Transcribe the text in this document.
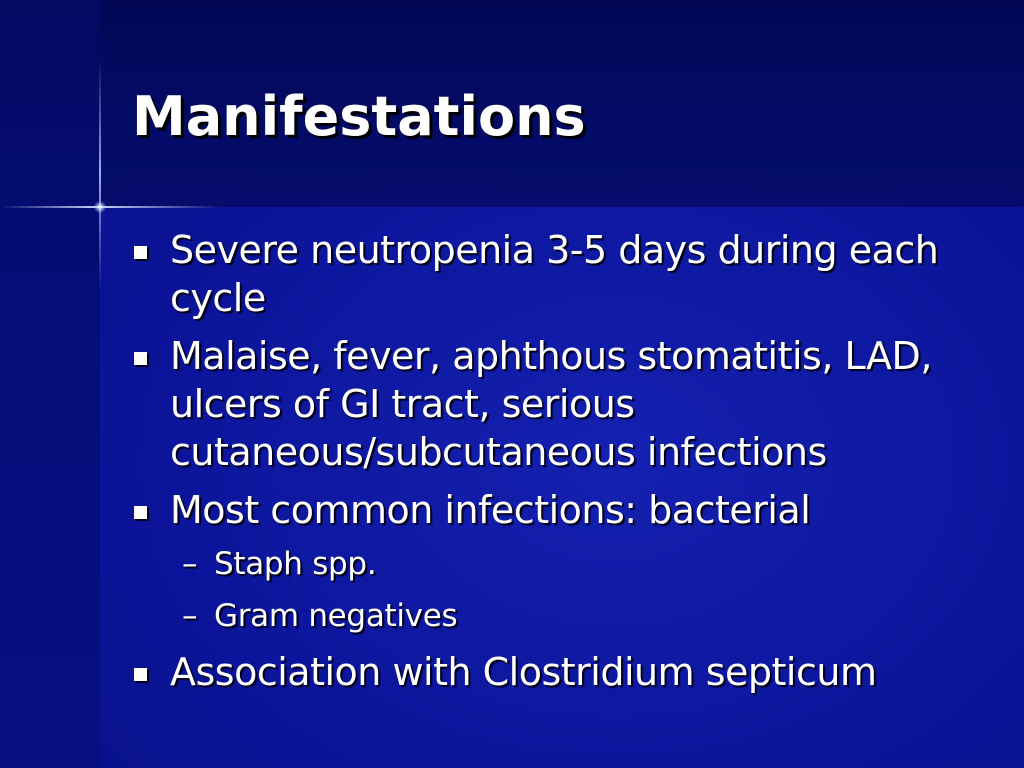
Manifestations
Severe neutropenia 3-5 days during each cycle
Malaise, fever, aphthous stomatitis, LAD, ulcers of GI tract, serious cutaneous/subcutaneous infections
Most common infections: bacterial
– Staph spp.
– Gram negatives
Association with Clostridium septicum
